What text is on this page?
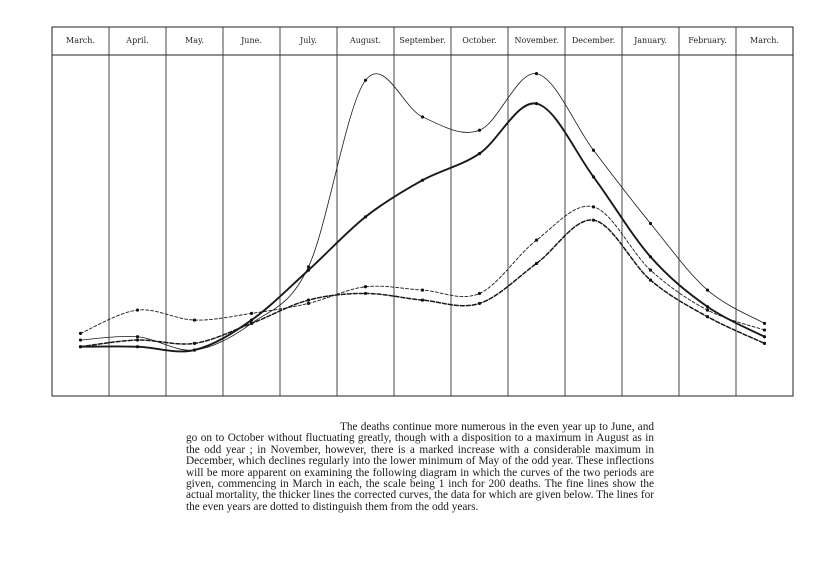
March.	April.	May.	June.	July.	August. September. October. November. December. January.	February.	March.

The deaths continue more numerous in the even year up to June, and go on to October without fluctuating greatly, though with a disposition to a maximum in August as in the odd year ; in November, however, there is a marked increase with a considerable maximum in December, which declines regularly into the lower minimum of May of the odd year. These inflections will be more apparent on examining the following diagram in which the curves of the two periods are given, commencing in March in each, the scale being 1 inch for 200 deaths. The fine lines show the actual mortality, the thicker lines the corrected curves, the data for which are given below. The lines for the even years are dotted to distinguish them from the odd years.
